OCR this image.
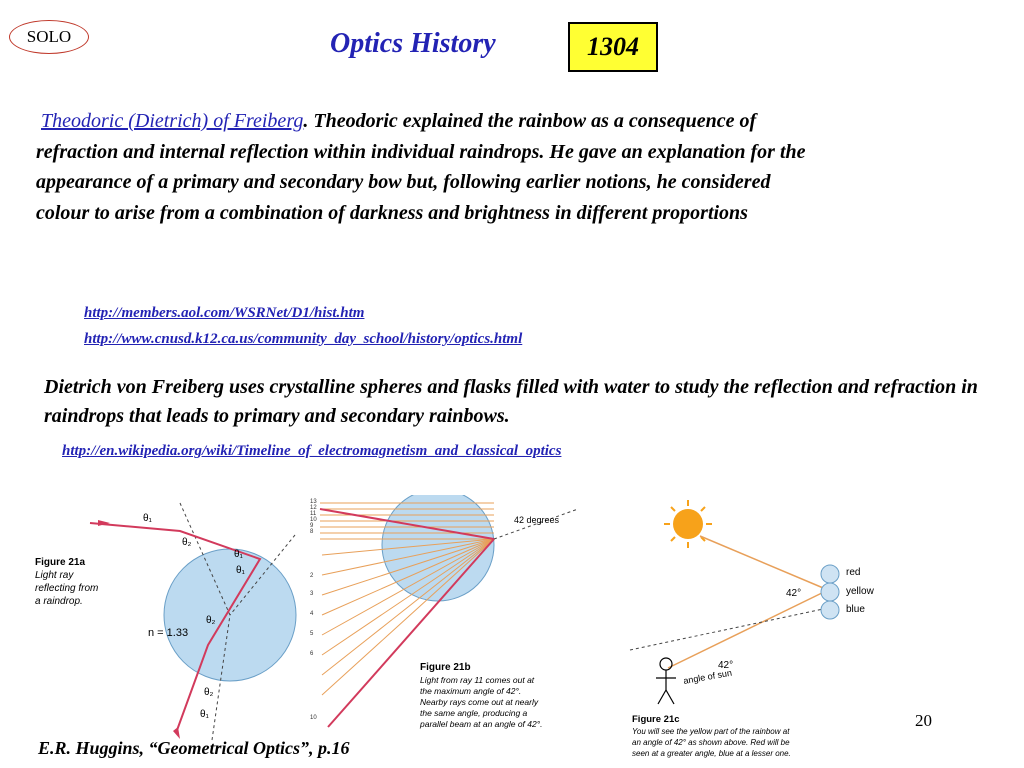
SOLO	Optics History	1304
Theodoric (Dietrich) of Freiberg. Theodoric explained the rainbow as a consequence of refraction and internal reflection within individual raindrops. He gave an explanation for the appearance of a primary and secondary bow but, following earlier notions, he considered colour to arise from a combination of darkness and brightness in different proportions
http://members.aol.com/WSRNet/D1/hist.htm
http://www.cnusd.k12.ca.us/community_day_school/history/optics.html
Dietrich von Freiberg uses crystalline spheres and flasks filled with water to study the reflection and refraction in raindrops that leads to primary and secondary rainbows.
http://en.wikipedia.org/wiki/Timeline_of_electromagnetism_and_classical_optics
θ₁
θ₂
θ₁
θ₁
θ₂
θ₂
θ₁
n = 1.33
Figure 21a
Light ray
reflecting from
a raindrop.
42 degrees
13
12
11
10
9
8
2
3
4
5
6
10
Figure 21b
Light from ray 11 comes out at
the maximum angle of 42°.
Nearby rays come out at nearly
the same angle, producing a
parallel beam at an angle of 42°.
red
yellow
blue
42°
42°
angle of sun
Figure 21c
You will see the yellow part of the rainbow at
an angle of 42° as shown above. Red will be
seen at a greater angle, blue at a lesser one.
E.R. Huggins, “Geometrical Optics”, p.16
20
